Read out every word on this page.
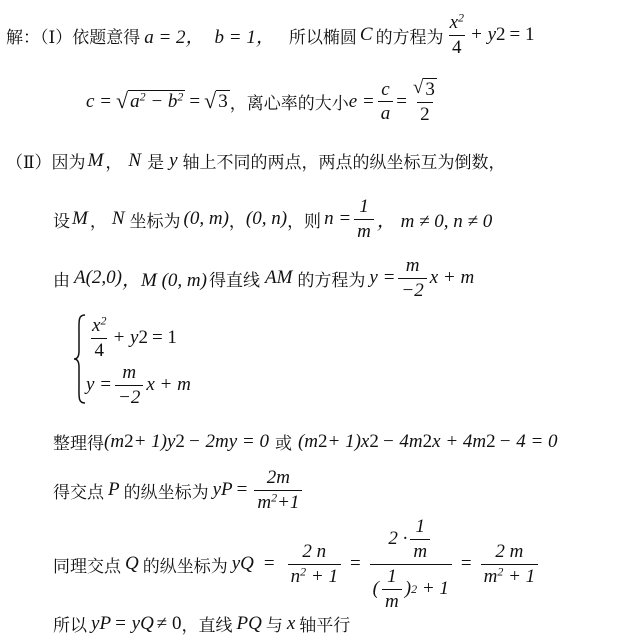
解：（Ⅰ）依题意得 a = 2， b = 1， 所以椭圆 C 的方程为 $\frac{x^2}{4} + y$ 2 = 1
c = √ $a^2 - b^2$ = √ 3 ，离心率的大小 $e = \frac{c}{a} = \frac{√ 3}{2}$
（Ⅱ）因为 M ， N 是 y 轴上不同的两点，两点的纵坐标互为倒数，
设 M ， N 坐标为 (0, m) ， (0, n) ，则 $n = \frac{1}{m}$ ， m ≠ 0, n ≠ 0
由 A(2,0) ，M (0, m) 得直线 AM 的方程为 $y = \frac{m}{-2}$ x + m
$\frac{x^2}{4} + y$ 2 = 1
$y = \frac{m}{-2}$ x + m
整理得 (m 2 + 1)y 2 − 2my = 0 或 (m 2 + 1)x 2 − 4m 2 x + 4m 2 − 4 = 0
得交点 P 的纵坐标为 y $P = \frac{2m}{m^2+1}$
同理交点 Q 的纵坐标为 y $Q = \frac{2 n}{n^2 + 1} = 2 \cdot \frac{1}{m}$
( $\frac{1}{m}$ ) 2
+ $1 = \frac{2 m}{m^2 + 1}$
所以 y P = y Q ≠ 0 ，直线 PQ 与 x 轴平行
